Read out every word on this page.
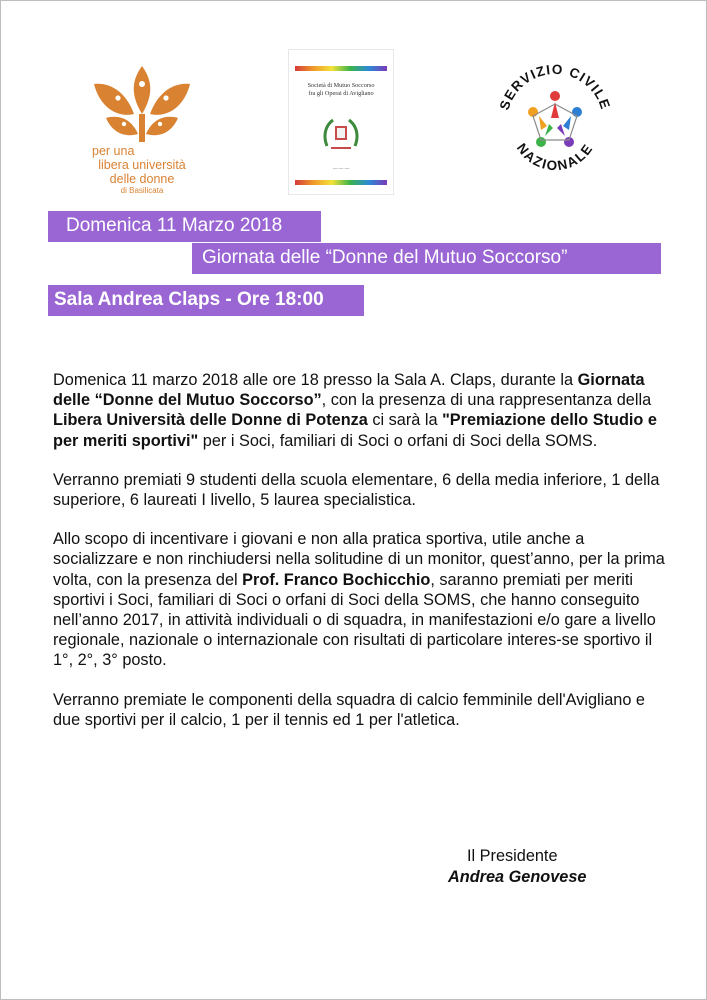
per una
libera università
delle donne
di Basilicata
Società di Mutuo Soccorso
fra gli Operai di Avigliano
― ― ―
SERVIZIO CIVILE
NAZIONALE
Domenica 11 Marzo 2018
Giornata delle “Donne del Mutuo Soccorso”
Sala Andrea Claps - Ore 18:00

Domenica 11 marzo 2018 alle ore 18 presso la Sala A. Claps, durante la Giornata delle “Donne del Mutuo Soccorso”, con la presenza di una rappresentanza della Libera Università delle Donne di Potenza ci sarà la "Premiazione dello Studio e per meriti sportivi" per i Soci, familiari di Soci o orfani di Soci della SOMS.

Verranno premiati 9 studenti della scuola elementare, 6 della media inferiore, 1 della superiore, 6 laureati I livello, 5 laurea specialistica.

Allo scopo di incentivare i giovani e non alla pratica sportiva, utile anche a socializzare e non rinchiudersi nella solitudine di un monitor, quest’anno, per la prima volta, con la presenza del Prof. Franco Bochicchio, saranno premiati per meriti sportivi i Soci, familiari di Soci o orfani di Soci della SOMS, che hanno conseguito nell’anno 2017, in attività individuali o di squadra, in manifestazioni e/o gare a livello regionale, nazionale o internazionale con risultati di particolare interes-se sportivo il 1°, 2°, 3° posto.

Verranno premiate le componenti della squadra di calcio femminile dell'Avigliano e due sportivi per il calcio, 1 per il tennis ed 1 per l'atletica.

Il Presidente
Andrea Genovese
